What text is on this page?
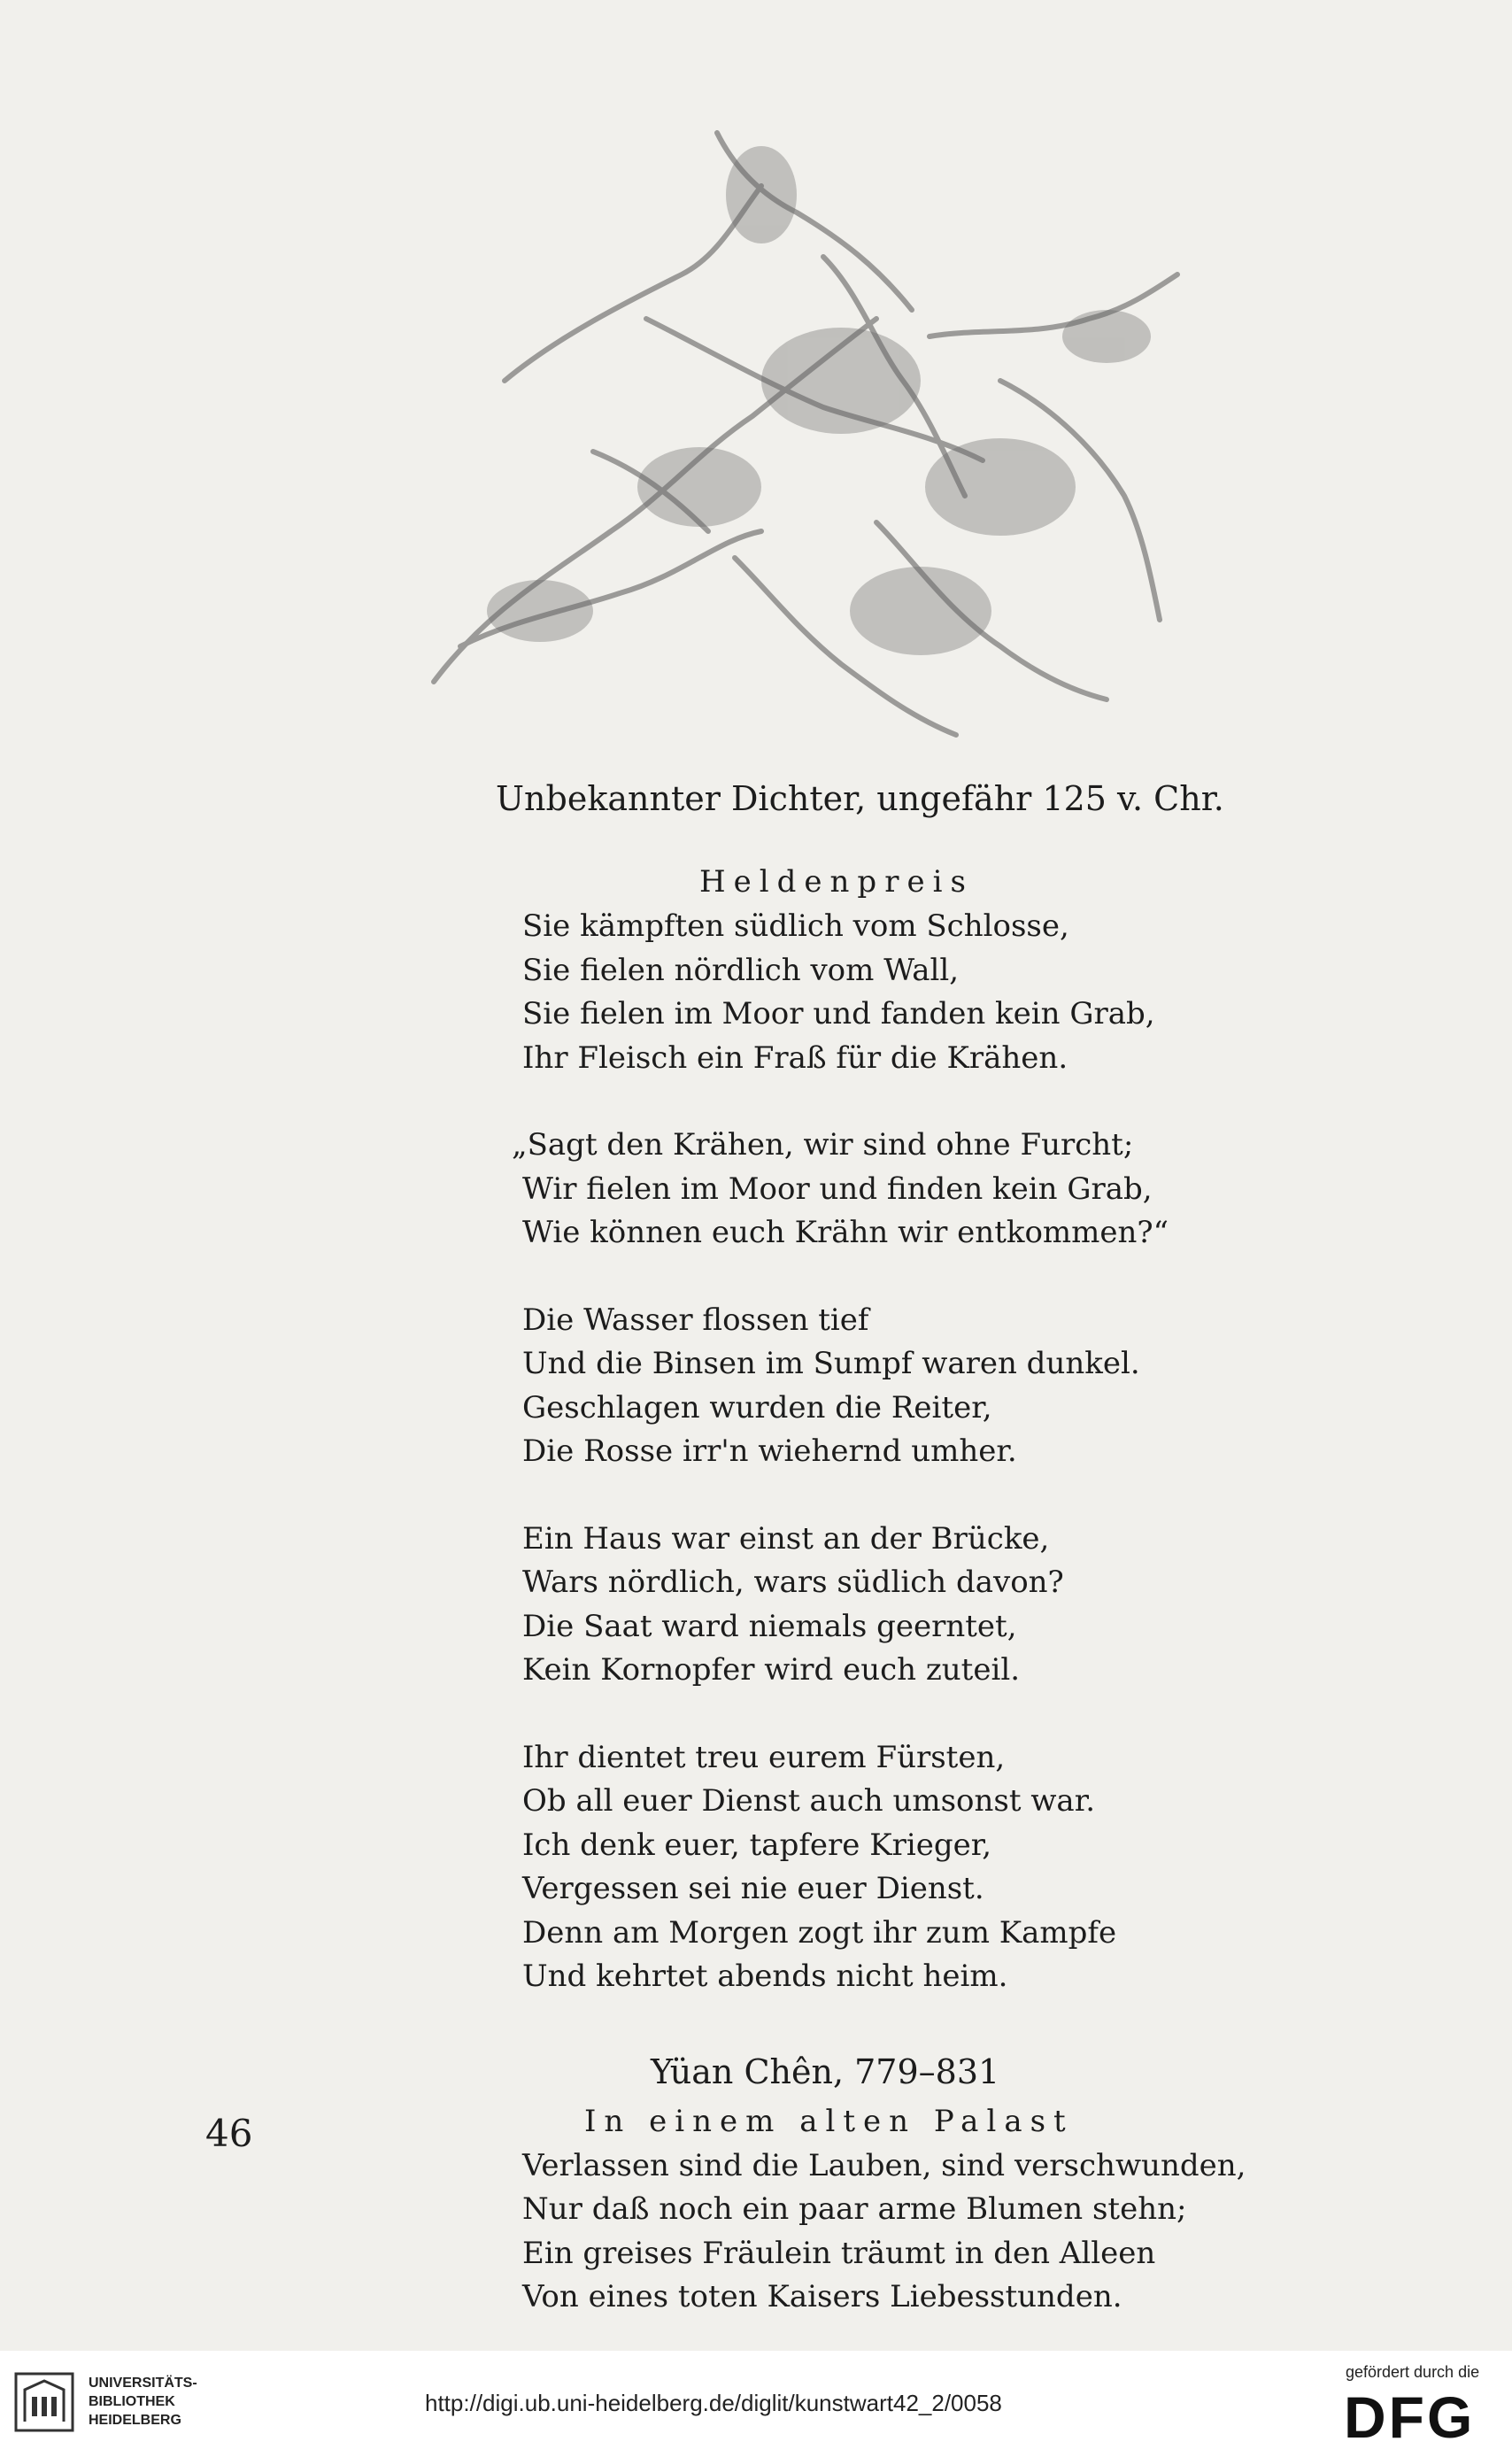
Unbekannter Dichter, ungefähr 125 v. Chr.
Heldenpreis
Sie kämpften südlich vom Schlosse,
Sie fielen nördlich vom Wall,
Sie fielen im Moor und fanden kein Grab,
Ihr Fleisch ein Fraß für die Krähen.
„Sagt den Krähen, wir sind ohne Furcht;
Wir fielen im Moor und finden kein Grab,
Wie können euch Krähn wir entkommen?“
Die Wasser flossen tief
Und die Binsen im Sumpf waren dunkel.
Geschlagen wurden die Reiter,
Die Rosse irr'n wiehernd umher.
Ein Haus war einst an der Brücke,
Wars nördlich, wars südlich davon?
Die Saat ward niemals geerntet,
Kein Kornopfer wird euch zuteil.
Ihr dientet treu eurem Fürsten,
Ob all euer Dienst auch umsonst war.
Ich denk euer, tapfere Krieger,
Vergessen sei nie euer Dienst.
Denn am Morgen zogt ihr zum Kampfe
Und kehrtet abends nicht heim.
Yüan Chên, 779–831
In einem alten Palast
Verlassen sind die Lauben, sind verschwunden,
Nur daß noch ein paar arme Blumen stehn;
Ein greises Fräulein träumt in den Alleen
Von eines toten Kaisers Liebesstunden.
46
UNIVERSITÄTS-
BIBLIOTHEK
HEIDELBERG
http://digi.ub.uni-heidelberg.de/diglit/kunstwart42_2/0058
gefördert durch die
DFG
